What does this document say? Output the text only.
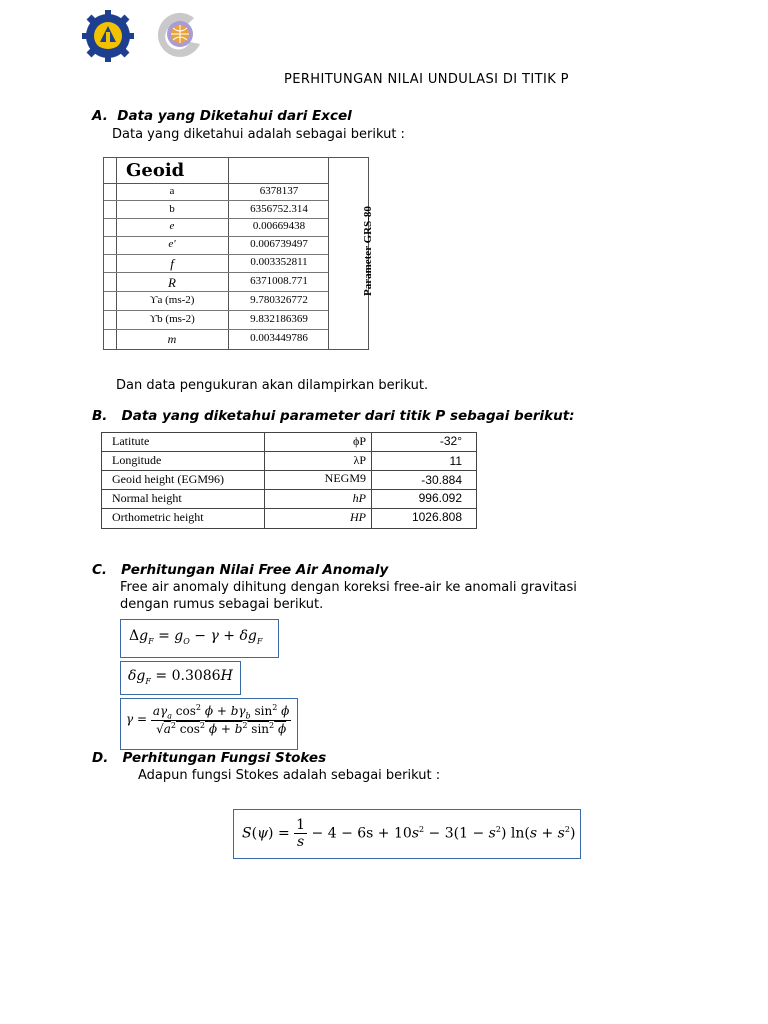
PERHITUNGAN NILAI UNDULASI DI TITIK P
A. Data yang Diketahui dari Excel
Data yang diketahui adalah sebagai berikut :
Geoid
a	6378137
b	6356752.314
e	0.00669438
e'	0.006739497
f	0.003352811
R	6371008.771
ϒa (ms-2)	9.780326772
ϒb (ms-2)	9.832186369
m	0.003449786
Parameter GRS-80
Dan data pengukuran akan dilampirkan berikut.
B. Data yang diketahui parameter dari titik P sebagai berikut:
Latitute	ϕP	-32°
Longitude	λP	11
Geoid height (EGM96)	NEGM9	-30.884
Normal height	hP	996.092
Orthometric height	HP	1026.808
C. Perhitungan Nilai Free Air Anomaly
Free air anomaly dihitung dengan koreksi free-air ke anomali gravitasi
dengan rumus sebagai berikut.
$\Delta g_F = g_O - \gamma + \delta g_F$
$\delta g_F = 0.3086H$
$\gamma = \frac{a\gamma_a \cos^2 \phi + b\gamma_b \sin^2 \phi}{√a^2 \cos^2 \phi + b^2 \sin^2 \phi}$
D. Perhitungan Fungsi Stokes
Adapun fungsi Stokes adalah sebagai berikut :
$S(\psi) = \frac{1}{s} - 4 - 6s + 10s^2 - 3(1 - s^2) \ln(s + s^2)$
